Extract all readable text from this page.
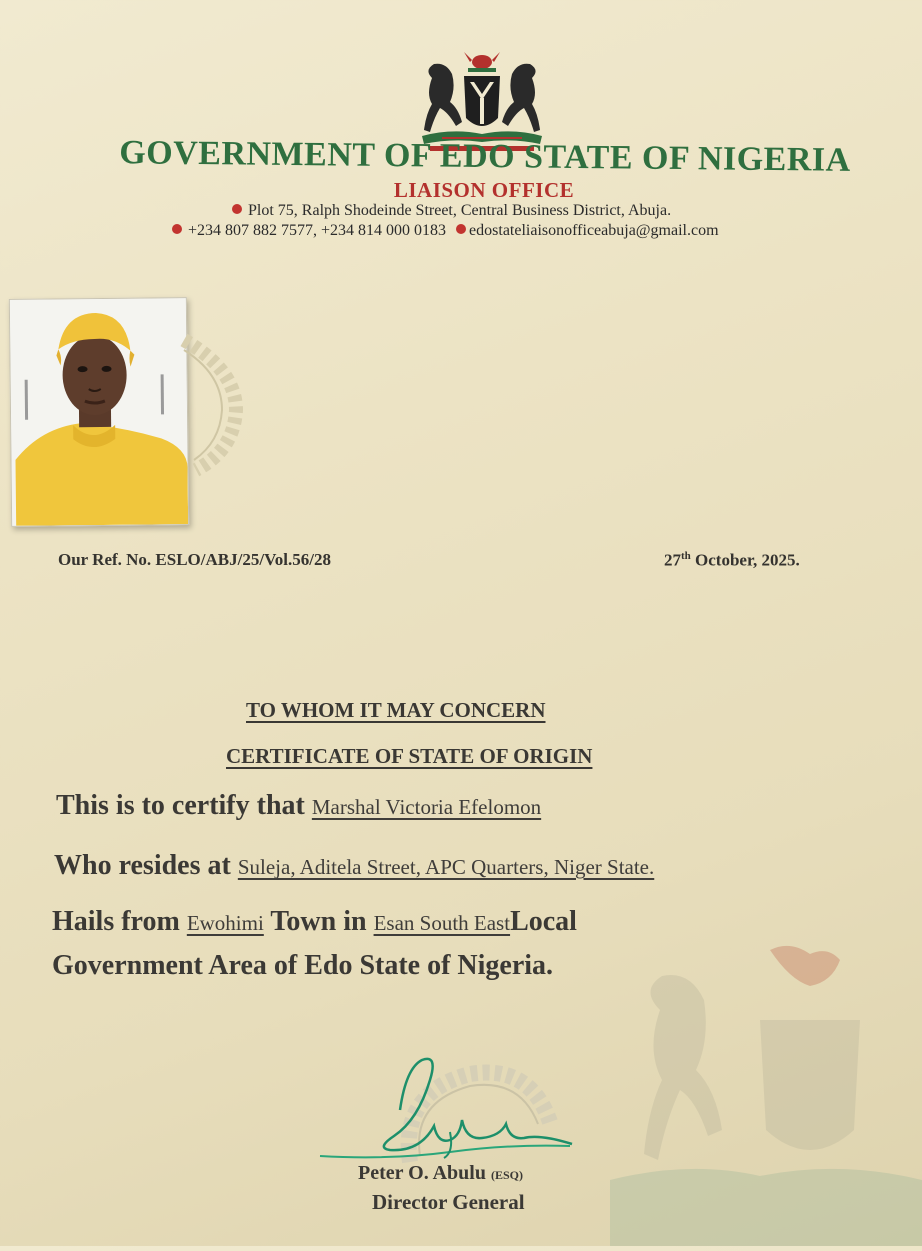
GOVERNMENT OF EDO STATE OF NIGERIA
LIAISON OFFICE
Plot 75, Ralph Shodeinde Street, Central Business District, Abuja.
+234 807 882 7577, +234 814 000 0183 edostateliaisonofficeabuja@gmail.com
Our Ref. No. ESLO/ABJ/25/Vol.56/28	27th October, 2025.
TO WHOM IT MAY CONCERN
CERTIFICATE OF STATE OF ORIGIN
This is to certify that Marshal Victoria Efelomon
Who resides at Suleja, Aditela Street, APC Quarters, Niger State.
Hails from Ewohimi Town in Esan South EastLocal
Government Area of Edo State of Nigeria.
Peter O. Abulu (ESQ)
Director General
